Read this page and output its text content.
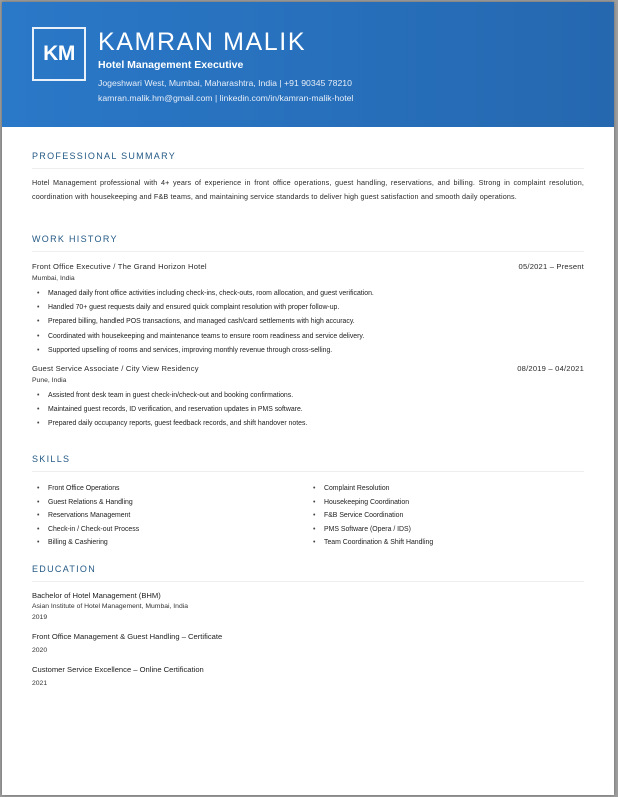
KM KAMRAN MALIK
Hotel Management Executive
Jogeshwari West, Mumbai, Maharashtra, India | +91 90345 78210
kamran.malik.hm@gmail.com | linkedin.com/in/kamran-malik-hotel
PROFESSIONAL SUMMARY
Hotel Management professional with 4+ years of experience in front office operations, guest handling, reservations, and billing. Strong in complaint resolution, coordination with housekeeping and F&B teams, and maintaining service standards to deliver high guest satisfaction and smooth daily operations.
WORK HISTORY
Front Office Executive / The Grand Horizon Hotel	05/2021 – Present
Mumbai, India
• Managed daily front office activities including check-ins, check-outs, room allocation, and guest verification.
• Handled 70+ guest requests daily and ensured quick complaint resolution with proper follow-up.
• Prepared billing, handled POS transactions, and managed cash/card settlements with high accuracy.
• Coordinated with housekeeping and maintenance teams to ensure room readiness and service delivery.
• Supported upselling of rooms and services, improving monthly revenue through cross-selling.
Guest Service Associate / City View Residency	08/2019 – 04/2021
Pune, India
• Assisted front desk team in guest check-in/check-out and booking confirmations.
• Maintained guest records, ID verification, and reservation updates in PMS software.
• Prepared daily occupancy reports, guest feedback records, and shift handover notes.
SKILLS
• Front Office Operations
• Guest Relations & Handling
• Reservations Management
• Check-in / Check-out Process
• Billing & Cashiering
• Complaint Resolution
• Housekeeping Coordination
• F&B Service Coordination
• PMS Software (Opera / IDS)
• Team Coordination & Shift Handling
EDUCATION
Bachelor of Hotel Management (BHM)
Asian Institute of Hotel Management, Mumbai, India
2019
Front Office Management & Guest Handling – Certificate
2020
Customer Service Excellence – Online Certification
2021
